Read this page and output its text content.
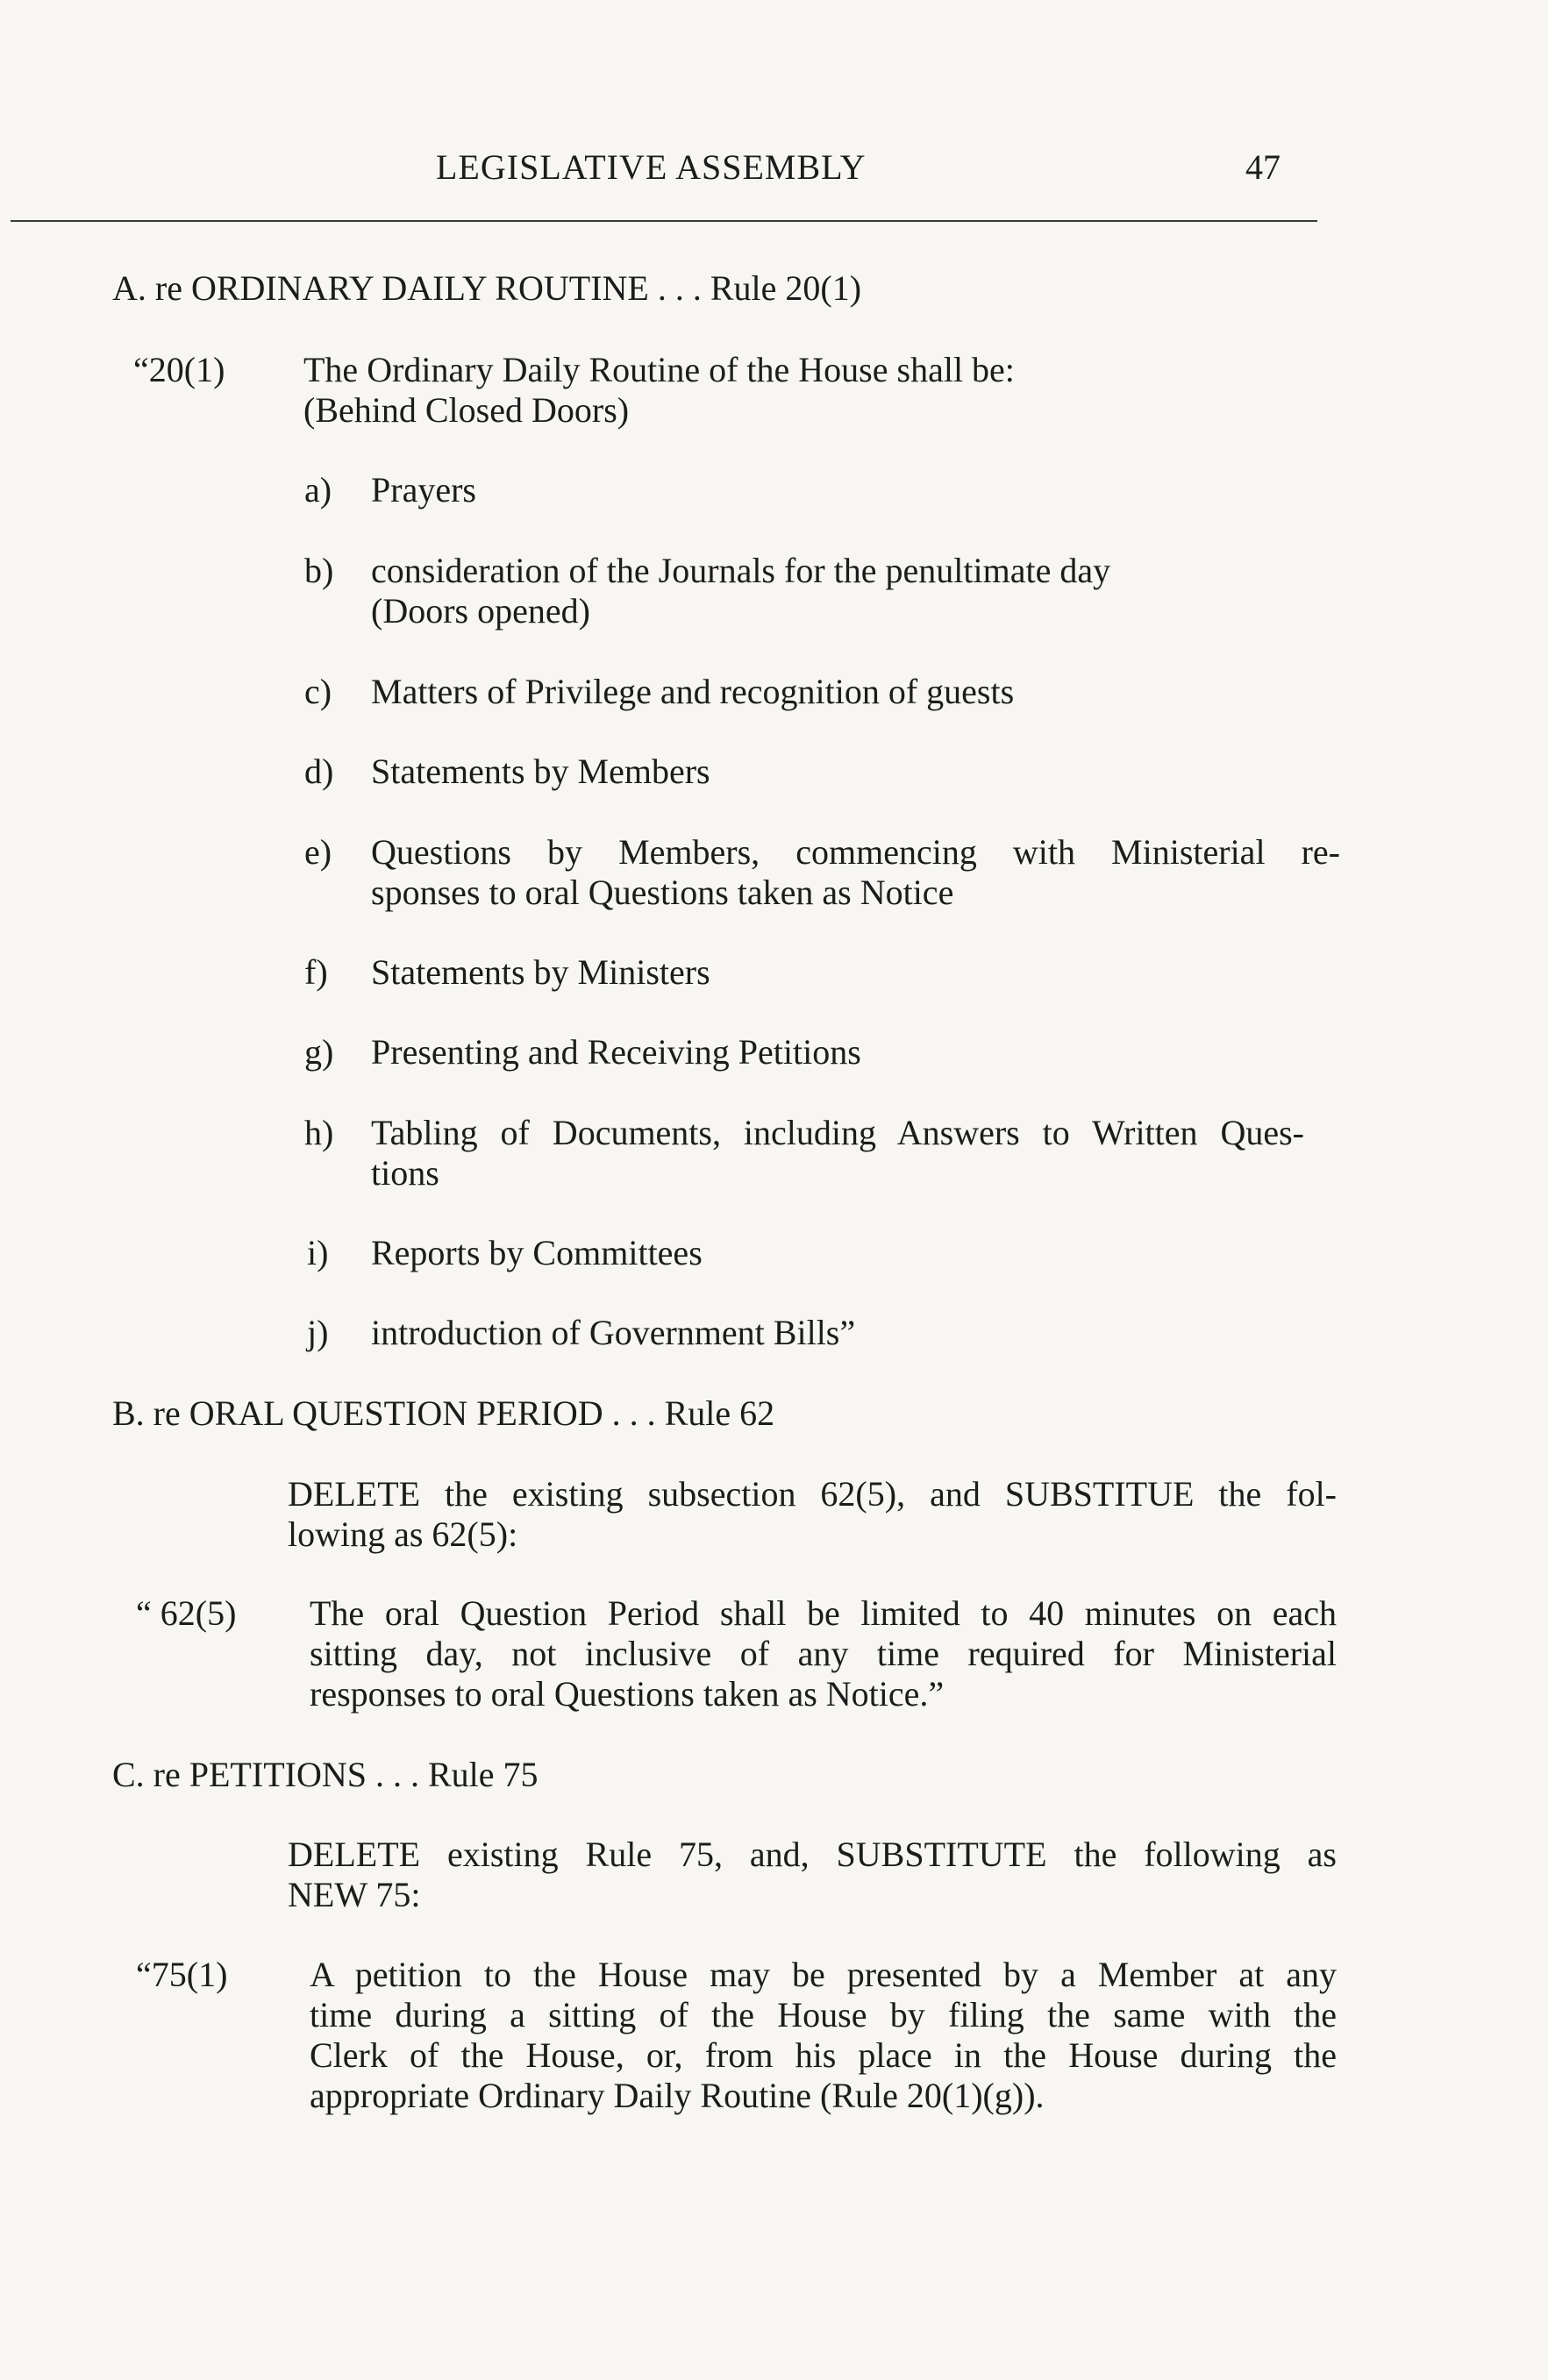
LEGISLATIVE ASSEMBLY	47
A. re ORDINARY DAILY ROUTINE . . . Rule 20(1)
“20(1) The Ordinary Daily Routine of the House shall be:
(Behind Closed Doors)
a) Prayers
b) consideration of the Journals for the penultimate day
(Doors opened)
c) Matters of Privilege and recognition of guests
d) Statements by Members
e) Questions by Members, commencing with Ministerial re-
sponses to oral Questions taken as Notice
f) Statements by Ministers
g) Presenting and Receiving Petitions
h) Tabling of Documents, including Answers to Written Ques-
tions
i) Reports by Committees
j) introduction of Government Bills”
B. re ORAL QUESTION PERIOD . . . Rule 62
DELETE the existing subsection 62(5), and SUBSTITUE the fol-
lowing as 62(5):
“ 62(5) The oral Question Period shall be limited to 40 minutes on each
sitting day, not inclusive of any time required for Ministerial
responses to oral Questions taken as Notice.”
C. re PETITIONS . . . Rule 75
DELETE existing Rule 75, and, SUBSTITUTE the following as
NEW 75:
“75(1) A petition to the House may be presented by a Member at any
time during a sitting of the House by filing the same with the
Clerk of the House, or, from his place in the House during the
appropriate Ordinary Daily Routine (Rule 20(1)(g)).
